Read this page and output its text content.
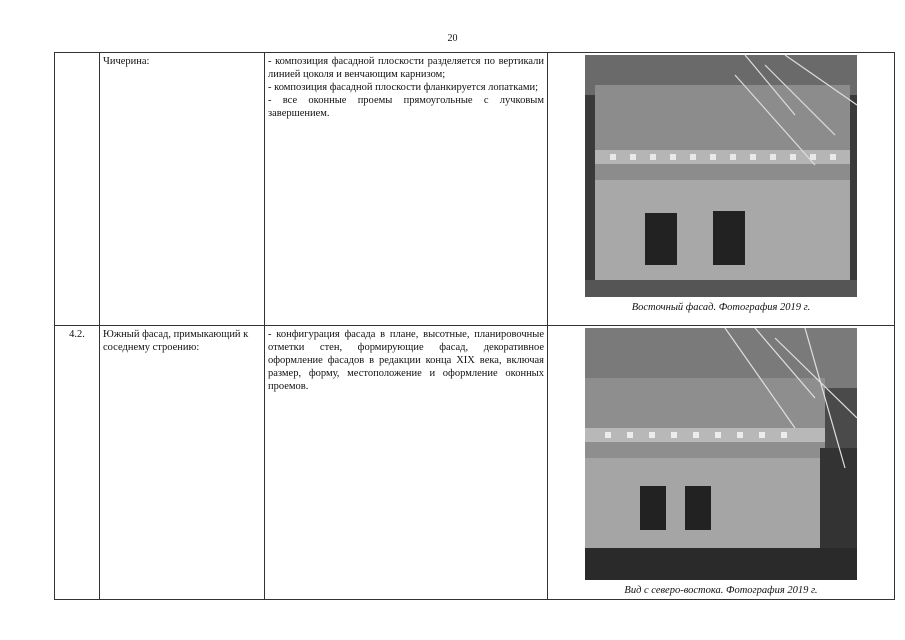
20
	Чичерина:	- композиция фасадной плоскости разделяется по вертикали линией цоколя и венчающим карнизом;
- композиция фасадной плоскости фланкируется лопатками;
- все оконные проемы прямоугольные с лучковым завершением.	Восточный фасад. Фотография 2019 г.

4.2.	Южный фасад, примыкающий к соседнему строению:	- конфигурация фасада в плане, высотные, планировочные отметки стен, формирующие фасад, декоративное оформление фасадов в редакции конца XIX века, включая размер, форму, местоположение и оформление оконных проемов.	Вид с северо-востока. Фотография 2019 г.
